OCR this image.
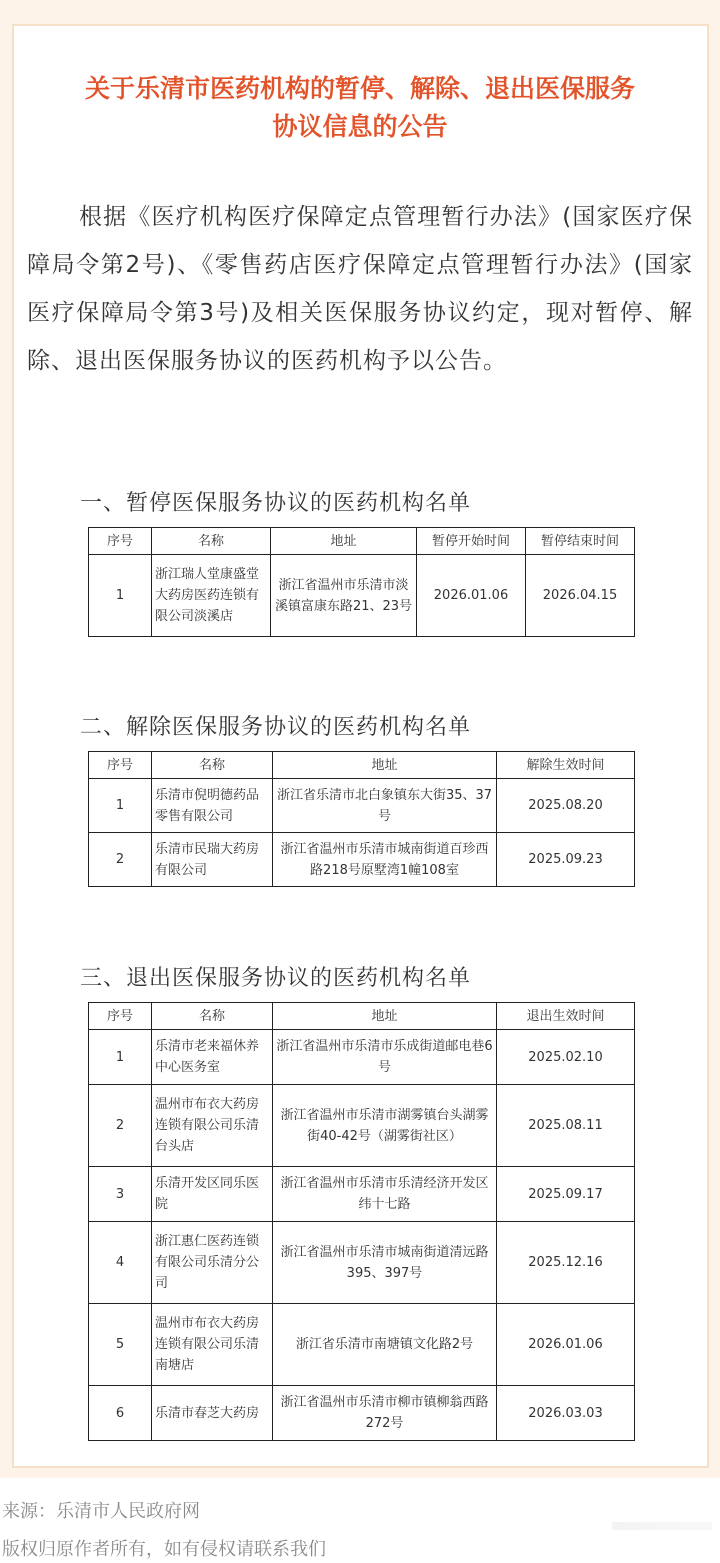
关于乐清市医药机构的暂停、解除、退出医保服务
协议信息的公告
根据《医疗机构医疗保障定点管理暂行办法》(国家医疗保障局令第2号)、《零售药店医疗保障定点管理暂行办法》(国家医疗保障局令第3号)及相关医保服务协议约定，现对暂停、解除、退出医保服务协议的医药机构予以公告。
一、暂停医保服务协议的医药机构名单
序号	名称	地址	暂停开始时间	暂停结束时间
1	浙江瑞人堂康盛堂大药房医药连锁有限公司淡溪店	浙江省温州市乐清市淡溪镇富康东路21、23号	2026.01.06	2026.04.15
二、解除医保服务协议的医药机构名单
序号	名称	地址	解除生效时间
1	乐清市倪明德药品零售有限公司	浙江省乐清市北白象镇东大街35、37号	2025.08.20
2	乐清市民瑞大药房有限公司	浙江省温州市乐清市城南街道百珍西路218号原墅湾1幢108室	2025.09.23
三、退出医保服务协议的医药机构名单
序号	名称	地址	退出生效时间
1	乐清市老来福休养中心医务室	浙江省温州市乐清市乐成街道邮电巷6号	2025.02.10
2	温州市布衣大药房连锁有限公司乐清台头店	浙江省温州市乐清市湖雾镇台头湖雾街40-42号（湖雾街社区）	2025.08.11
3	乐清开发区同乐医院	浙江省温州市乐清市乐清经济开发区纬十七路	2025.09.17
4	浙江惠仁医药连锁有限公司乐清分公司	浙江省温州市乐清市城南街道清远路395、397号	2025.12.16
5	温州市布衣大药房连锁有限公司乐清南塘店	浙江省乐清市南塘镇文化路2号	2026.01.06
6	乐清市春芝大药房	浙江省温州市乐清市柳市镇柳翁西路272号	2026.03.03
来源：乐清市人民政府网
版权归原作者所有，如有侵权请联系我们
